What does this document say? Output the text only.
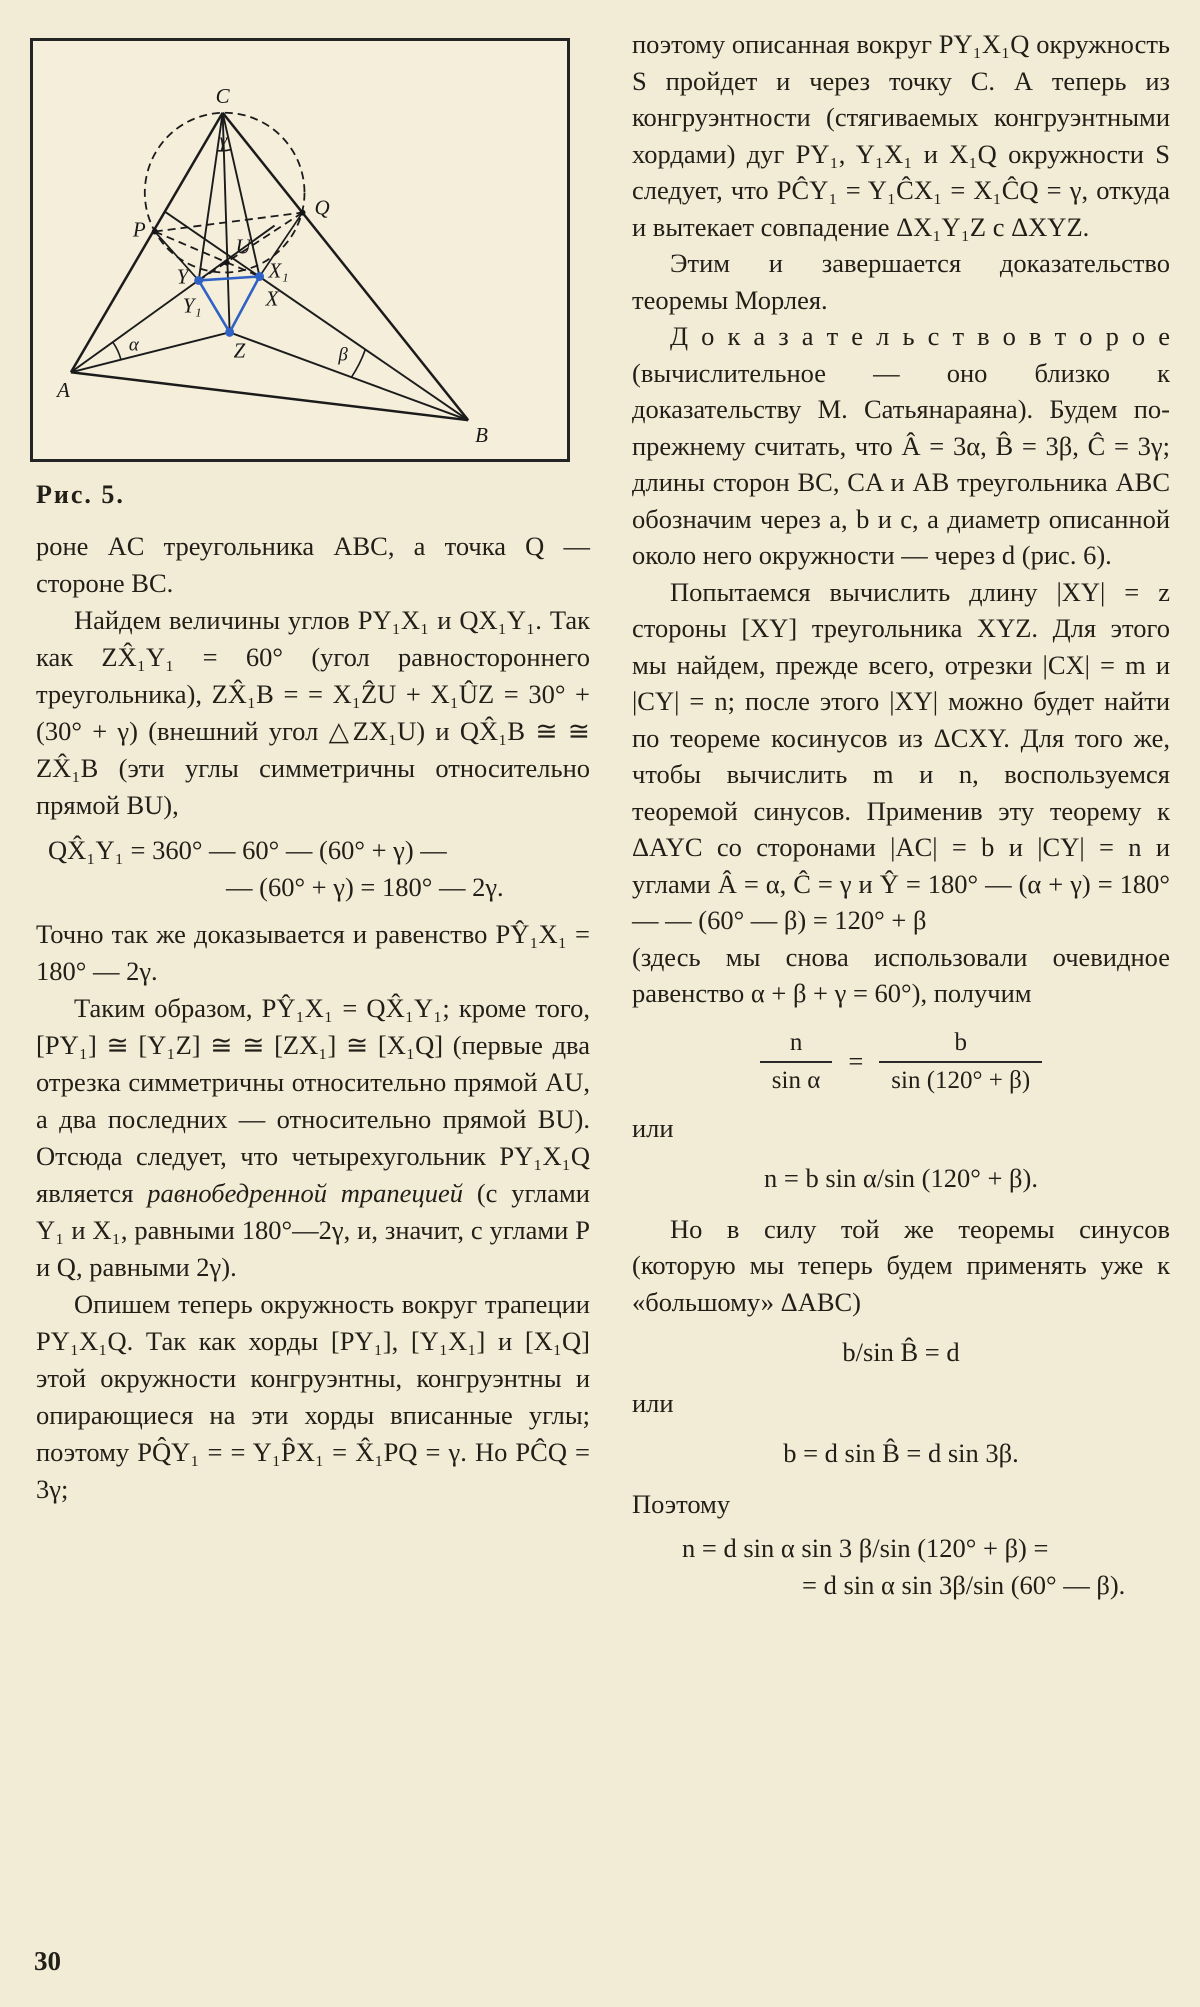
C
γ
P
Q
U
Y	X₁
Y₁	X
Z
α	β
A
B
Рис. 5.

роне AC треугольника ABC, а точка Q — стороне BC.

Найдем величины углов PY₁X₁ и QX₁Y₁. Так как ZX̂₁Y₁ = 60° (угол равностороннего треугольника), ZX̂₁B = = X₁ẐU + X₁ÛZ = 30° + (30° + γ) (внешний угол △ZX₁U) и QX̂₁B ≅ ≅ ZX̂₁B (эти углы симметричны относительно прямой BU),

QX̂₁Y₁ = 360° — 60° — (60° + γ) —
— (60° + γ) = 180° — 2γ.

Точно так же доказывается и равенство PŶ₁X₁ = 180° — 2γ.

Таким образом, PŶ₁X₁ = QX̂₁Y₁; кроме того, [PY₁] ≅ [Y₁Z] ≅ ≅ [ZX₁] ≅ [X₁Q] (первые два отрезка симметричны относительно прямой AU, а два последних — относительно прямой BU). Отсюда следует, что четырехугольник PY₁X₁Q является равнобедренной трапецией (с углами Y₁ и X₁, равными 180°—2γ, и, значит, с углами P и Q, равными 2γ).

Опишем теперь окружность вокруг трапеции PY₁X₁Q. Так как хорды [PY₁], [Y₁X₁] и [X₁Q] этой окружности конгруэнтны, конгруэнтны и опирающиеся на эти хорды вписанные углы; поэтому PQ̂Y₁ = = Y₁P̂X₁ = X̂₁PQ = γ. Но PĈQ = 3γ;

поэтому описанная вокруг PY₁X₁Q окружность S пройдет и через точку C. А теперь из конгруэнтности (стягиваемых конгруэнтными хордами) дуг PY₁, Y₁X₁ и X₁Q окружности S следует, что PĈY₁ = Y₁ĈX₁ = X₁ĈQ = γ, откуда и вытекает совпадение ΔX₁Y₁Z с ΔXYZ.

Этим и завершается доказательство теоремы Морлея.

Д о к а з а т е л ь с т в о в т о р о е (вычислительное — оно близко к доказательству М. Сатьянараяна). Будем по-прежнему считать, что Â = 3α, B̂ = 3β, Ĉ = 3γ; длины сторон BC, CA и AB треугольника ABC обозначим через a, b и c, а диаметр описанной около него окружности — через d (рис. 6).

Попытаемся вычислить длину |XY| = z стороны [XY] треугольника XYZ. Для этого мы найдем, прежде всего, отрезки |CX| = m и |CY| = n; после этого |XY| можно будет найти по теореме косинусов из ΔCXY. Для того же, чтобы вычислить m и n, воспользуемся теоремой синусов. Применив эту теорему к ΔAYC со сторонами |AC| = b и |CY| = n и углами Â = α, Ĉ = γ и Ŷ = 180° — (α + γ) = 180° — — (60° — β) = 120° + β

(здесь мы снова использовали очевидное равенство α + β + γ = 60°), получим

$\frac{n}{\text{sin α}} = \frac{b}{\sin (120^\circ + \beta)}$

или

n = b sin α/sin (120° + β).

Но в силу той же теоремы синусов (которую мы теперь будем применять уже к «большому» ΔABC)

b/sin B̂ = d

или

b = d sin B̂ = d sin 3β.

Поэтому

n = d sin α sin 3 β/sin (120° + β) =
= d sin α sin 3β/sin (60° — β).
30
